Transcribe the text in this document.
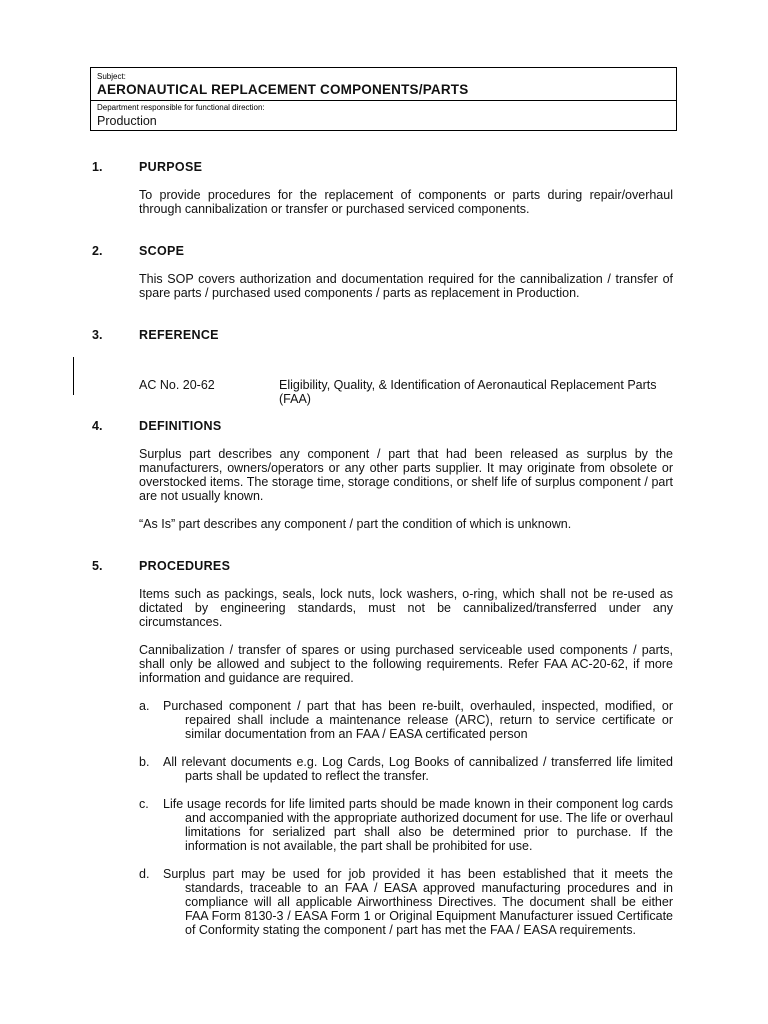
Subject:
AERONAUTICAL REPLACEMENT COMPONENTS/PARTS
Department responsible for functional direction:
Production
1.	PURPOSE
To provide procedures for the replacement of components or parts during repair/overhaul through cannibalization or transfer or purchased serviced components.
2.	SCOPE
This SOP covers authorization and documentation required for the cannibalization / transfer of spare parts / purchased used components / parts as replacement in Production.
3.	REFERENCE
AC No. 20-62	Eligibility, Quality, & Identification of Aeronautical Replacement Parts (FAA)
4.	DEFINITIONS
Surplus part describes any component / part that had been released as surplus by the manufacturers, owners/operators or any other parts supplier. It may originate from obsolete or overstocked items. The storage time, storage conditions, or shelf life of surplus component / part are not usually known.
“As Is” part describes any component / part the condition of which is unknown.
5.	PROCEDURES
Items such as packings, seals, lock nuts, lock washers, o-ring, which shall not be re-used as dictated by engineering standards, must not be cannibalized/transferred under any circumstances.
Cannibalization / transfer of spares or using purchased serviceable used components / parts, shall only be allowed and subject to the following requirements. Refer FAA AC-20-62, if more information and guidance are required.
a.	Purchased component / part that has been re-built, overhauled, inspected, modified, or repaired shall include a maintenance release (ARC), return to service certificate or similar documentation from an FAA / EASA certificated person
b.	All relevant documents e.g. Log Cards, Log Books of cannibalized / transferred life limited parts shall be updated to reflect the transfer.
c.	Life usage records for life limited parts should be made known in their component log cards and accompanied with the appropriate authorized document for use. The life or overhaul limitations for serialized part shall also be determined prior to purchase. If the information is not available, the part shall be prohibited for use.
d.	Surplus part may be used for job provided it has been established that it meets the standards, traceable to an FAA / EASA approved manufacturing procedures and in compliance will all applicable Airworthiness Directives. The document shall be either FAA Form 8130-3 / EASA Form 1 or Original Equipment Manufacturer issued Certificate of Conformity stating the component / part has met the FAA / EASA requirements.
